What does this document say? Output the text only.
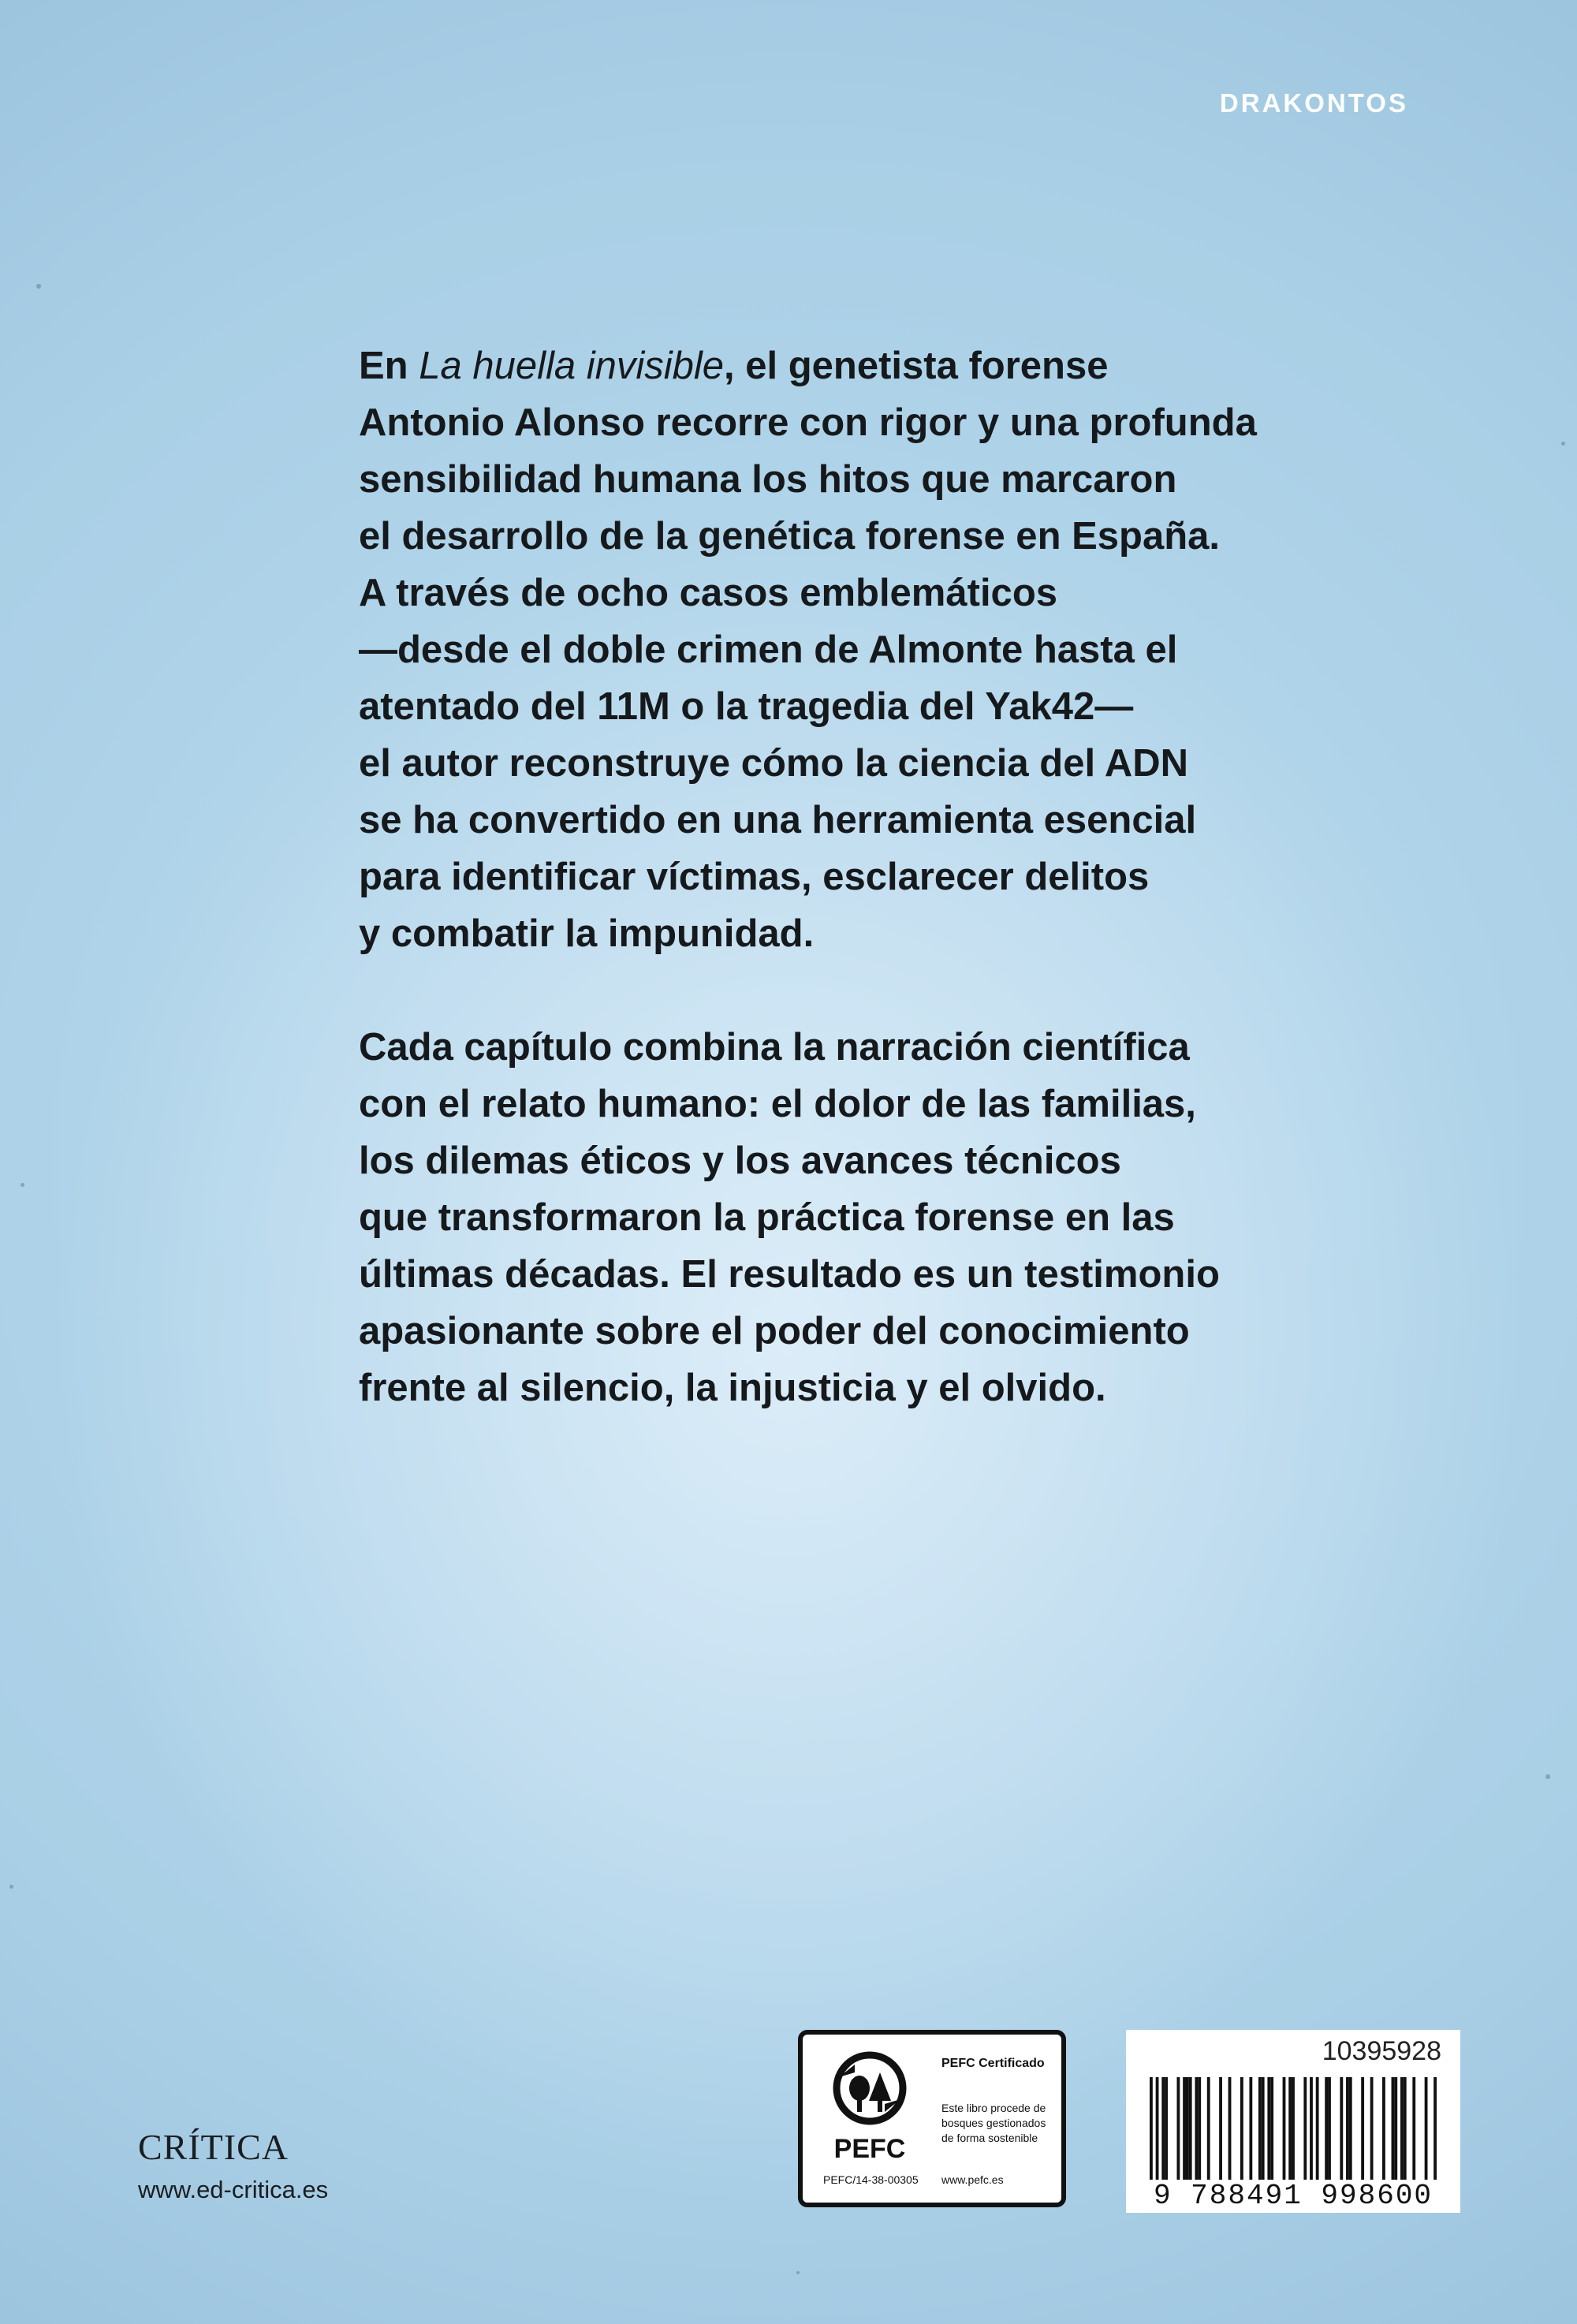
DRAKONTOS

En La huella invisible, el genetista forense
Antonio Alonso recorre con rigor y una profunda
sensibilidad humana los hitos que marcaron
el desarrollo de la genética forense en España.
A través de ocho casos emblemáticos
—desde el doble crimen de Almonte hasta el
atentado del 11M o la tragedia del Yak42—
el autor reconstruye cómo la ciencia del ADN
se ha convertido en una herramienta esencial
para identificar víctimas, esclarecer delitos
y combatir la impunidad.

Cada capítulo combina la narración científica
con el relato humano: el dolor de las familias,
los dilemas éticos y los avances técnicos
que transformaron la práctica forense en las
últimas décadas. El resultado es un testimonio
apasionante sobre el poder del conocimiento
frente al silencio, la injusticia y el olvido.

CRÍTICA
www.ed-critica.es
PEFC
PEFC/14-38-00305
PEFC Certificado
Este libro procede de bosques gestionados de forma sostenible
www.pefc.es
10395928
9 788491 998600
